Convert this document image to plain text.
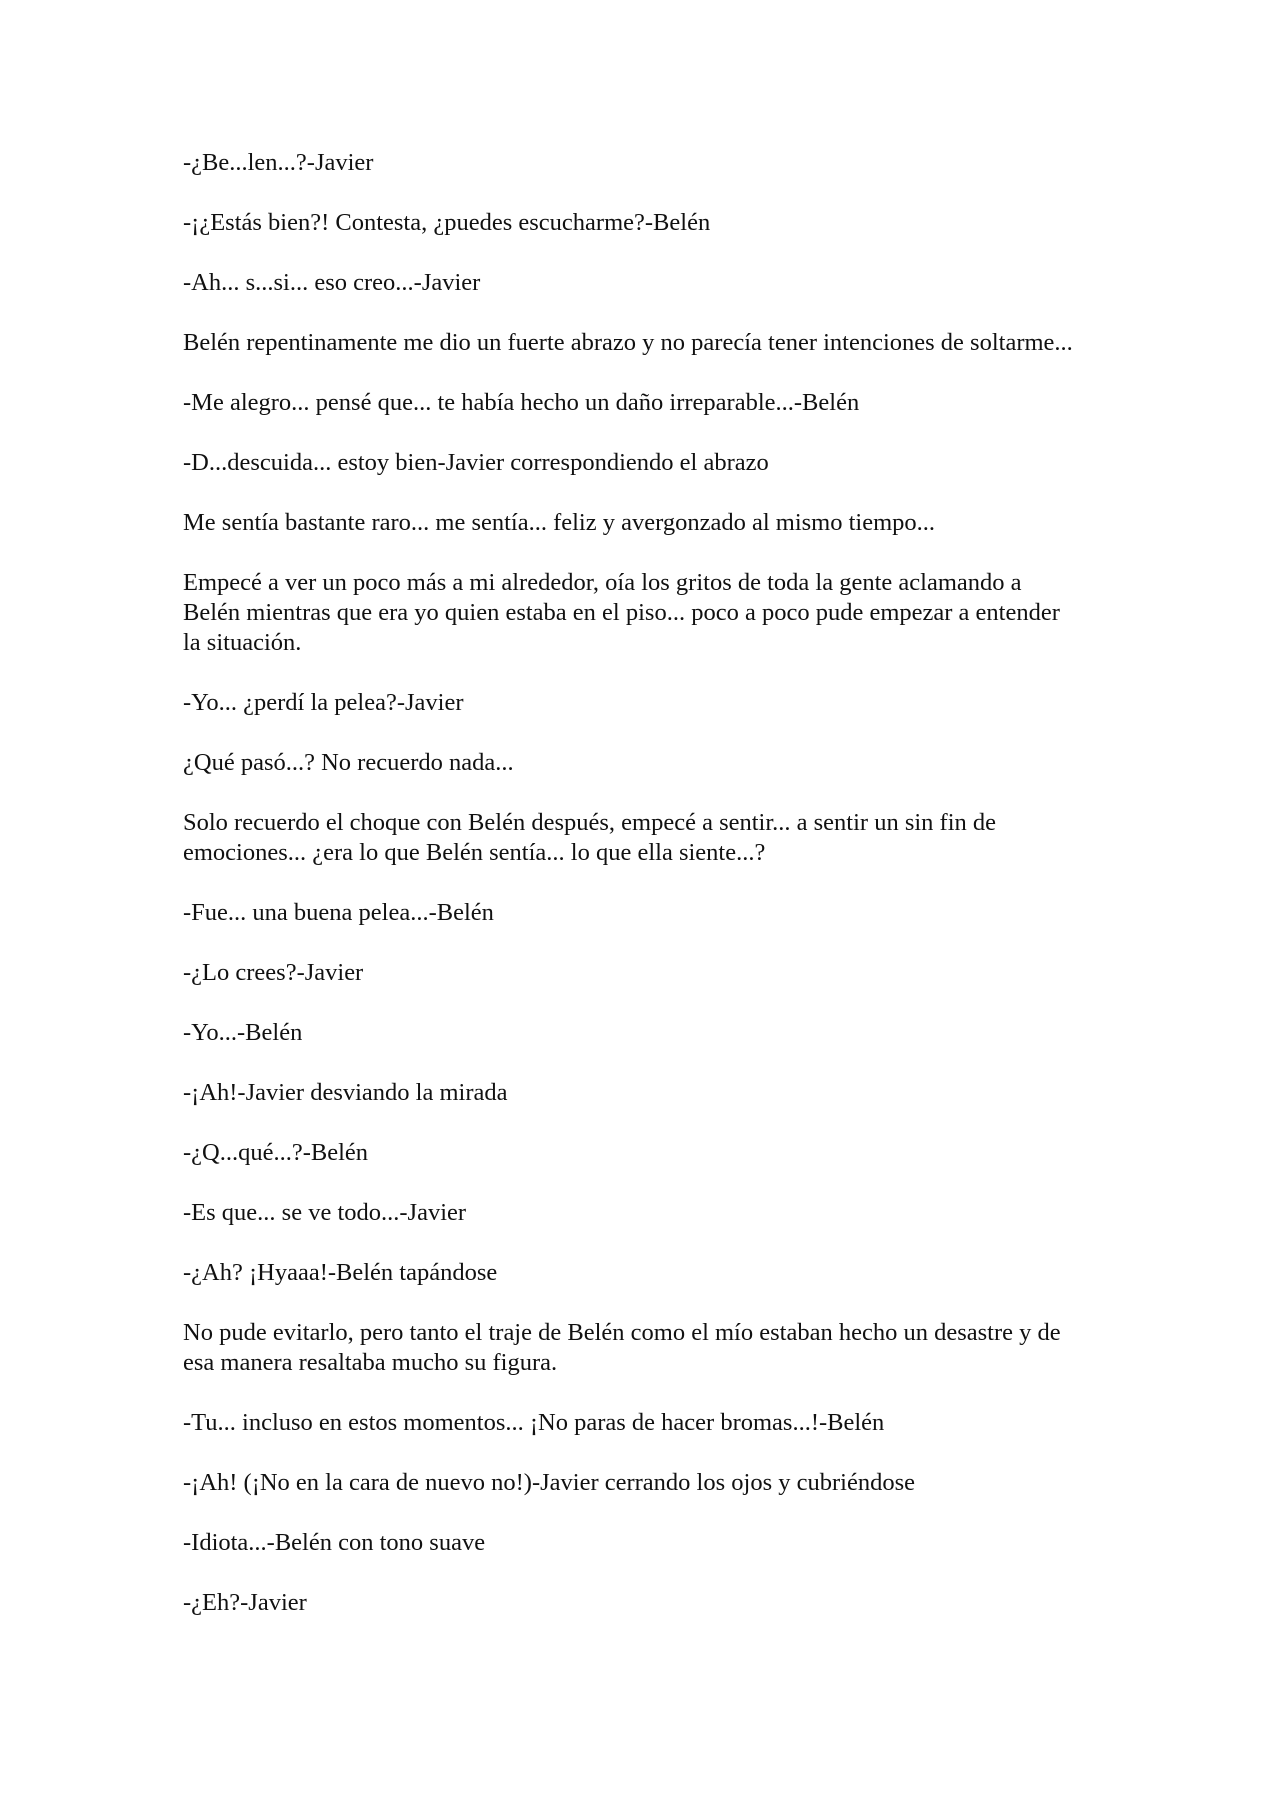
-¿Be...len...?-Javier

-¡¿Estás bien?! Contesta, ¿puedes escucharme?-Belén

-Ah... s...si... eso creo...-Javier

Belén repentinamente me dio un fuerte abrazo y no parecía tener intenciones de soltarme...

-Me alegro... pensé que... te había hecho un daño irreparable...-Belén

-D...descuida... estoy bien-Javier correspondiendo el abrazo

Me sentía bastante raro... me sentía... feliz y avergonzado al mismo tiempo...

Empecé a ver un poco más a mi alrededor, oía los gritos de toda la gente aclamando a Belén mientras que era yo quien estaba en el piso... poco a poco pude empezar a entender la situación.

-Yo... ¿perdí la pelea?-Javier

¿Qué pasó...? No recuerdo nada...

Solo recuerdo el choque con Belén después, empecé a sentir... a sentir un sin fin de emociones... ¿era lo que Belén sentía... lo que ella siente...?

-Fue... una buena pelea...-Belén

-¿Lo crees?-Javier

-Yo...-Belén

-¡Ah!-Javier desviando la mirada

-¿Q...qué...?-Belén

-Es que... se ve todo...-Javier

-¿Ah? ¡Hyaaa!-Belén tapándose

No pude evitarlo, pero tanto el traje de Belén como el mío estaban hecho un desastre y de esa manera resaltaba mucho su figura.

-Tu... incluso en estos momentos... ¡No paras de hacer bromas...!-Belén

-¡Ah! (¡No en la cara de nuevo no!)-Javier cerrando los ojos y cubriéndose

-Idiota...-Belén con tono suave

-¿Eh?-Javier
